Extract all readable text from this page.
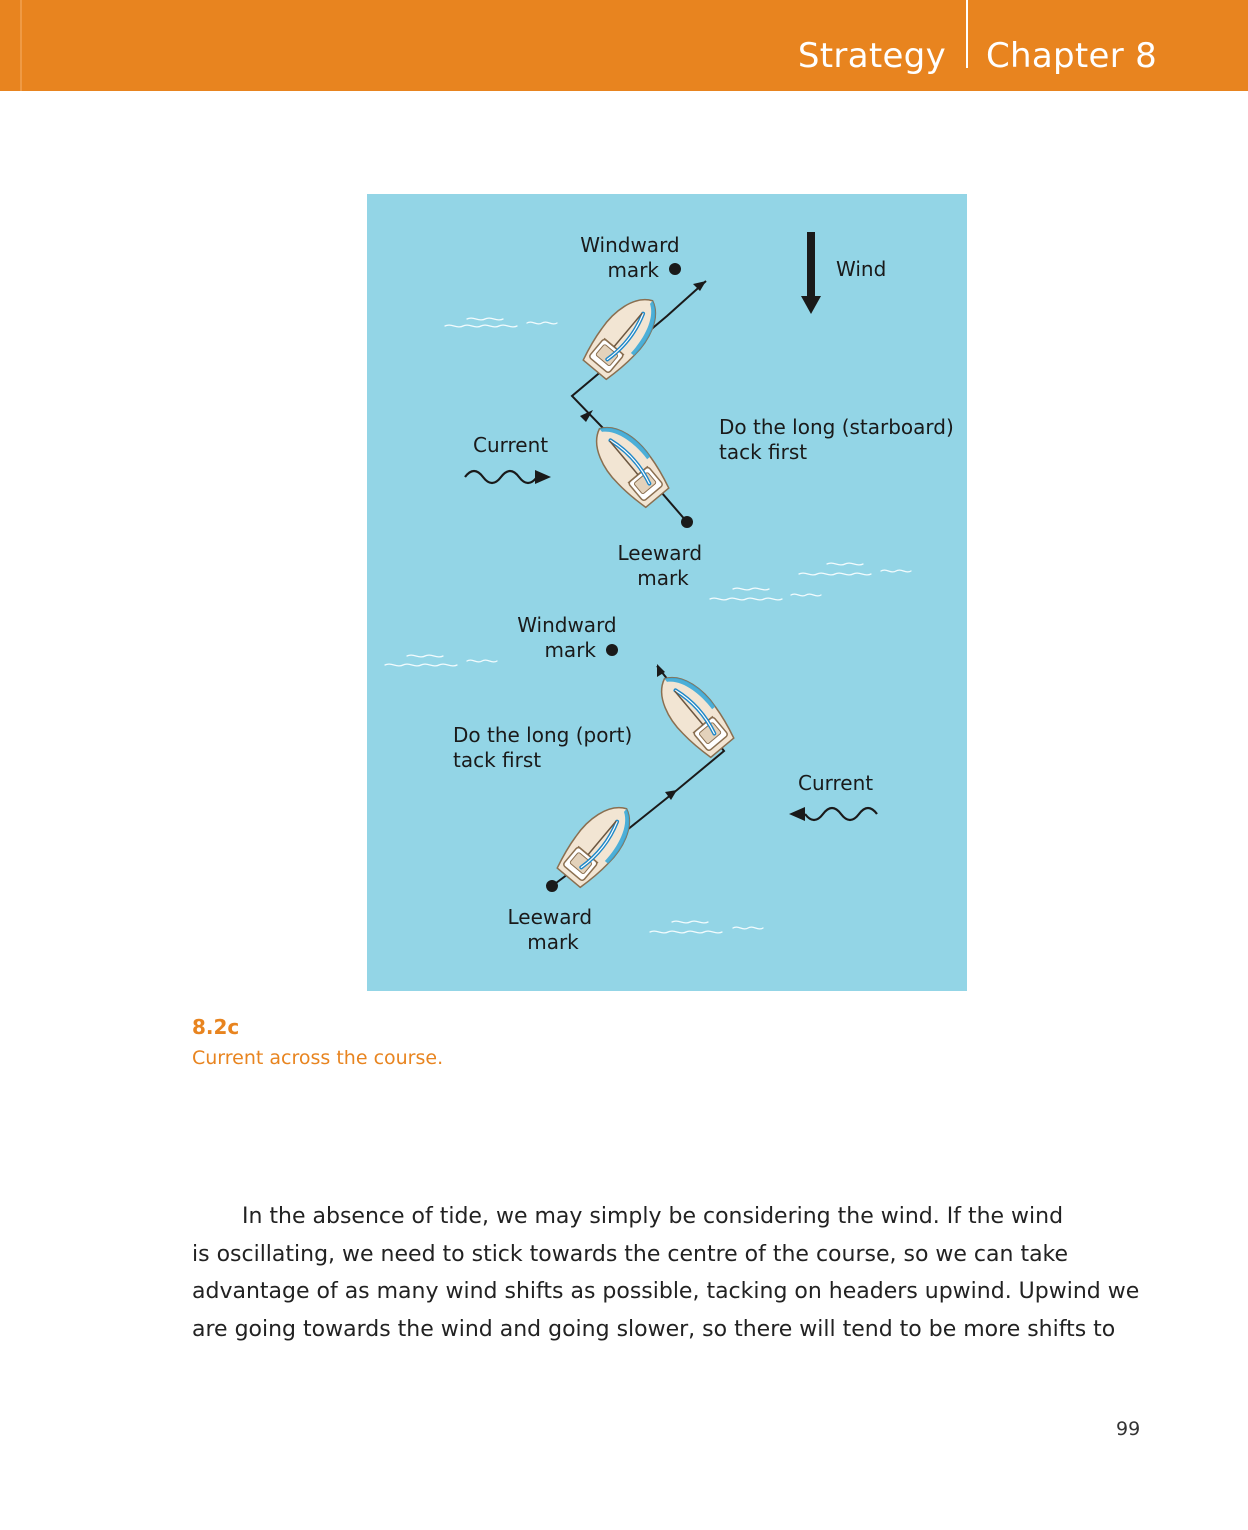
Strategy Chapter 8
Windward mark	Wind
Current
Do the long (starboard) tack first
Leeward mark
Windward mark
Do the long (port) tack first
Current
Leeward mark
8.2c
Current across the course.

In the absence of tide, we may simply be considering the wind. If the wind
is oscillating, we need to stick towards the centre of the course, so we can take
advantage of as many wind shifts as possible, tacking on headers upwind. Upwind we
are going towards the wind and going slower, so there will tend to be more shifts to

99
